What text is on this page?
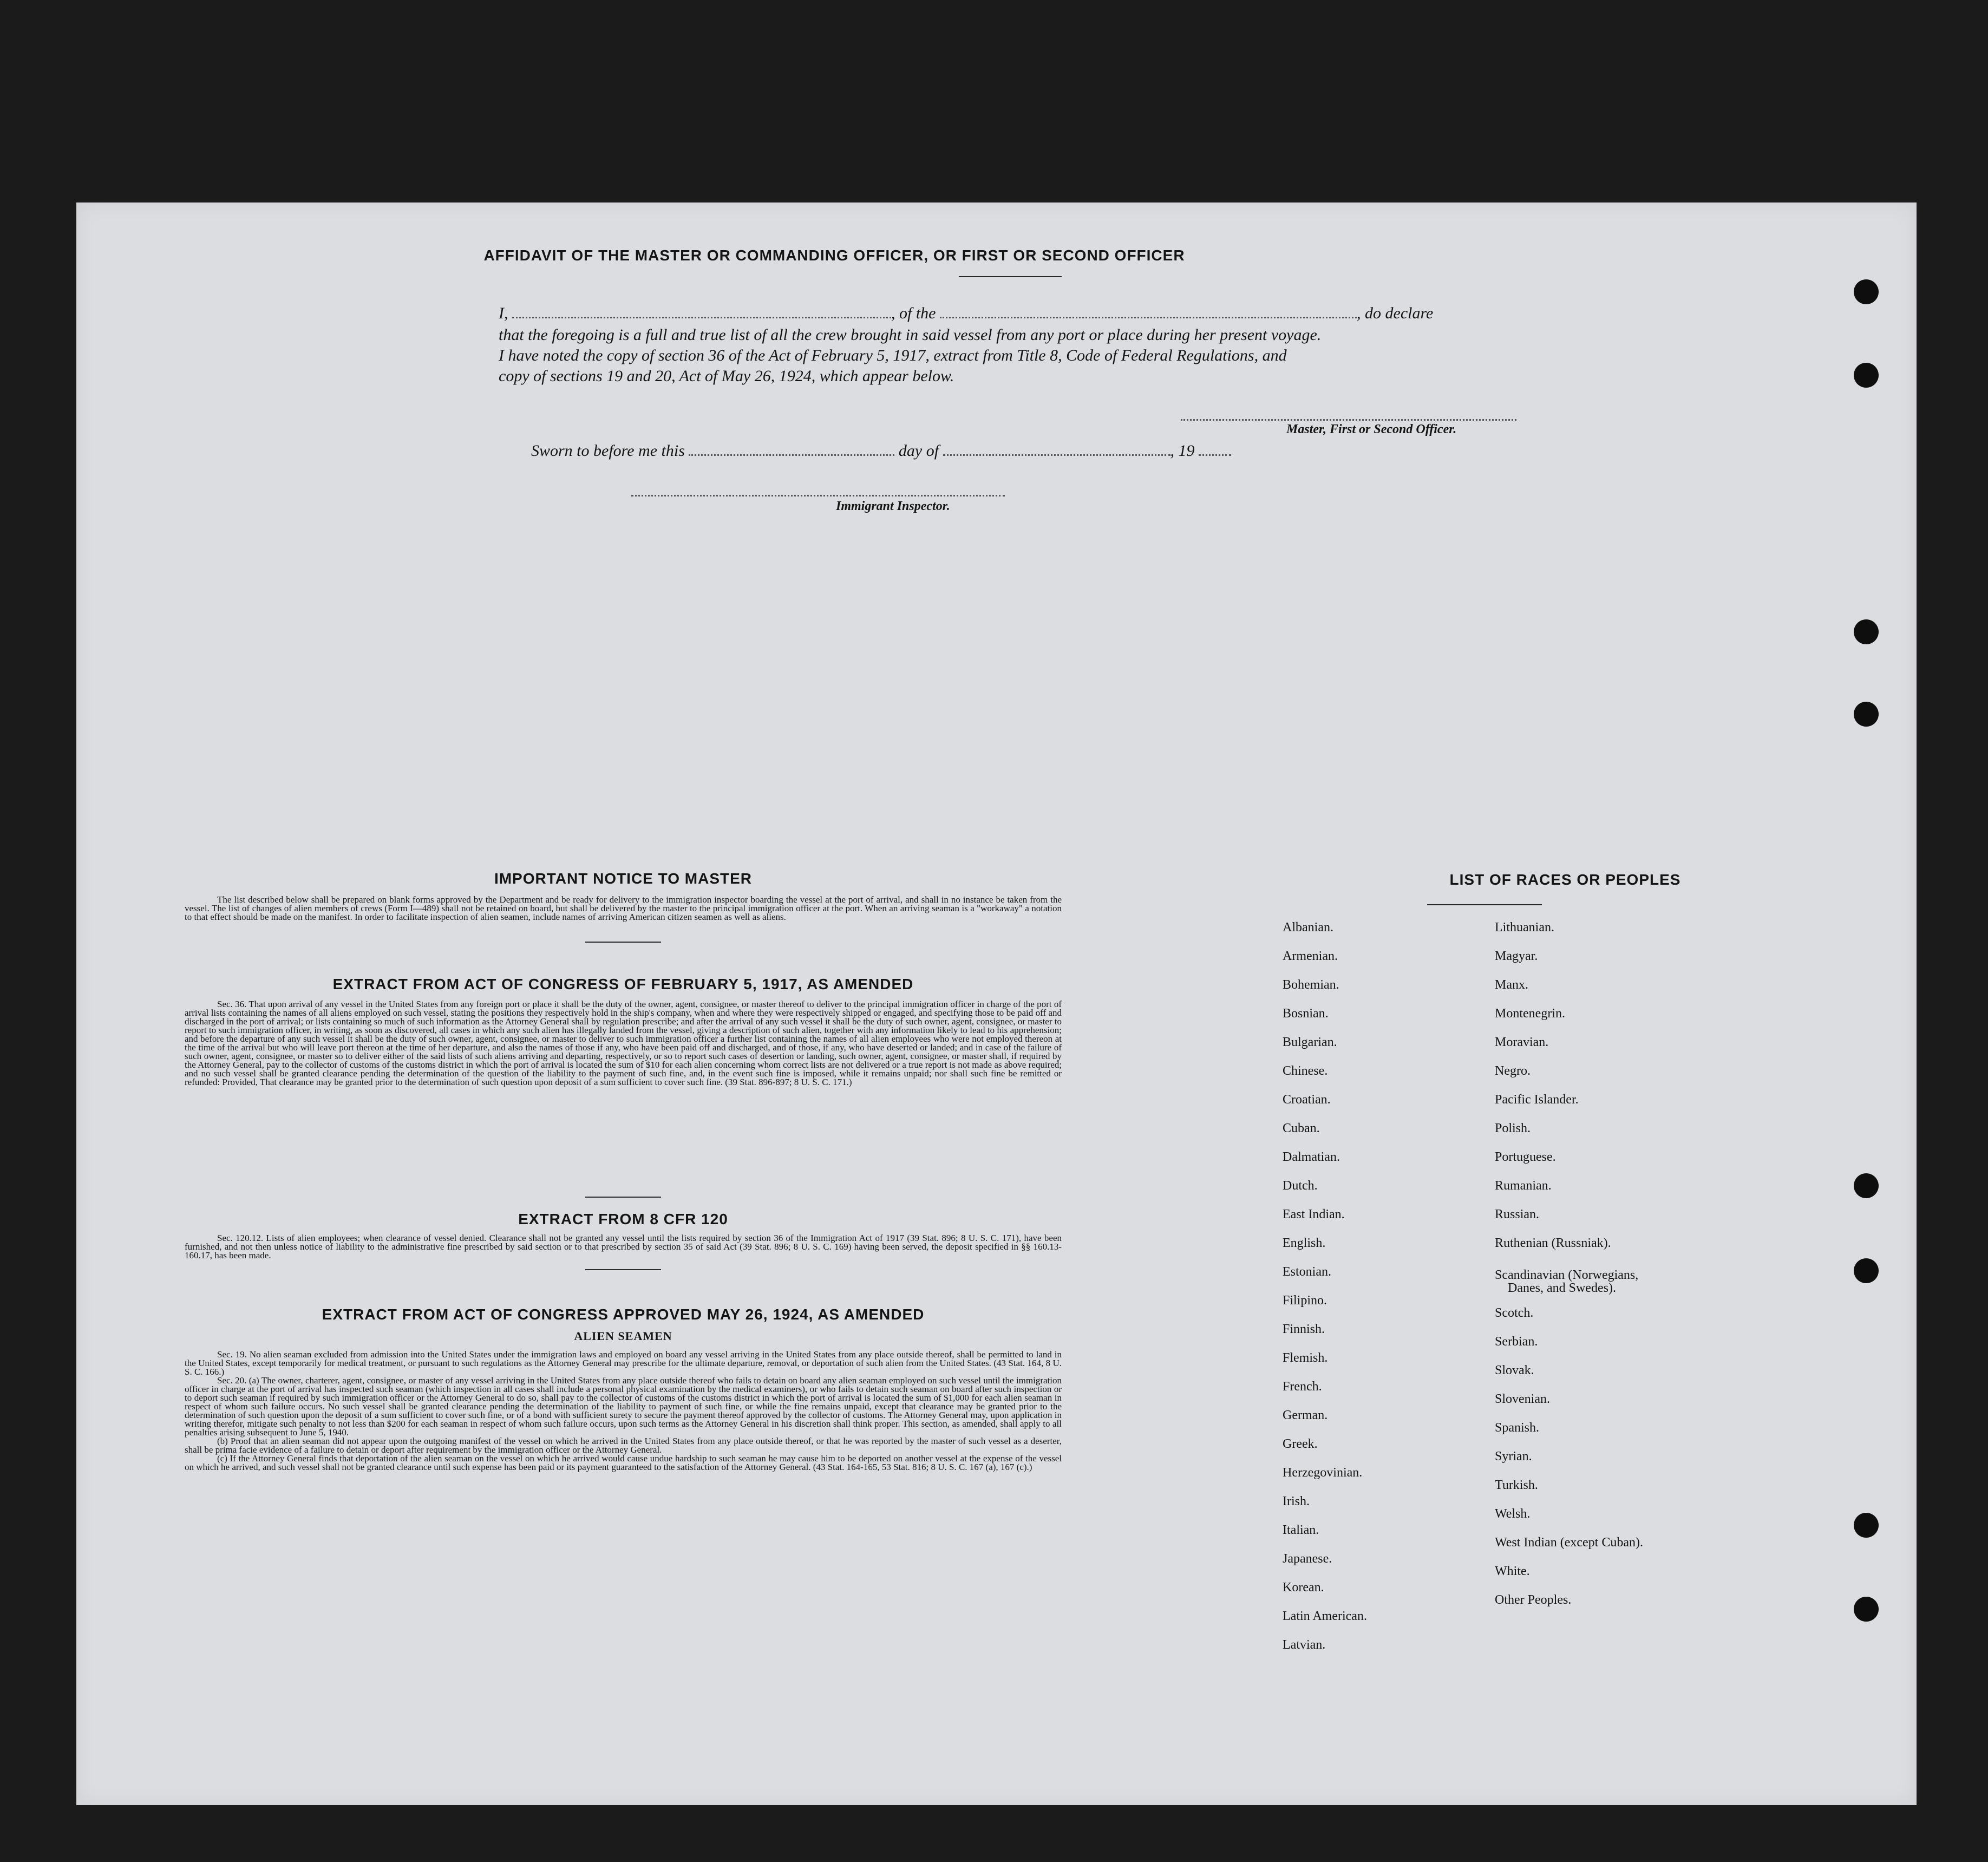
AFFIDAVIT OF THE MASTER OR COMMANDING OFFICER, OR FIRST OR SECOND OFFICER
I,	, of the	, do declare
that the foregoing is a full and true list of all the crew brought in said vessel from any port or place during her present voyage.
I have noted the copy of section 36 of the Act of February 5, 1917, extract from Title 8, Code of Federal Regulations, and
copy of sections 19 and 20, Act of May 26, 1924, which appear below.
Master, First or Second Officer.
Sworn to before me this	day of	, 19
Immigrant Inspector.
IMPORTANT NOTICE TO MASTER

The list described below shall be prepared on blank forms approved by the Department and be ready for delivery to the immigration inspector boarding the vessel at the port of arrival, and shall in no instance be taken from the vessel. The list of changes of alien members of crews (Form I—489) shall not be retained on board, but shall be delivered by the master to the principal immigration officer at the port. When an arriving seaman is a "workaway" a notation to that effect should be made on the manifest. In order to facilitate inspection of alien seamen, include names of arriving American citizen seamen as well as aliens.

EXTRACT FROM ACT OF CONGRESS OF FEBRUARY 5, 1917, AS AMENDED

Sec. 36. That upon arrival of any vessel in the United States from any foreign port or place it shall be the duty of the owner, agent, consignee, or master thereof to deliver to the principal immigration officer in charge of the port of arrival lists containing the names of all aliens employed on such vessel, stating the positions they respectively hold in the ship's company, when and where they were respectively shipped or engaged, and specifying those to be paid off and discharged in the port of arrival; or lists containing so much of such information as the Attorney General shall by regulation prescribe; and after the arrival of any such vessel it shall be the duty of such owner, agent, consignee, or master to report to such immigration officer, in writing, as soon as discovered, all cases in which any such alien has illegally landed from the vessel, giving a description of such alien, together with any information likely to lead to his apprehension; and before the departure of any such vessel it shall be the duty of such owner, agent, consignee, or master to deliver to such immigration officer a further list containing the names of all alien employees who were not employed thereon at the time of the arrival but who will leave port thereon at the time of her departure, and also the names of those if any, who have been paid off and discharged, and of those, if any, who have deserted or landed; and in case of the failure of such owner, agent, consignee, or master so to deliver either of the said lists of such aliens arriving and departing, respectively, or so to report such cases of desertion or landing, such owner, agent, consignee, or master shall, if required by the Attorney General, pay to the collector of customs of the customs district in which the port of arrival is located the sum of $10 for each alien concerning whom correct lists are not delivered or a true report is not made as above required; and no such vessel shall be granted clearance pending the determination of the question of the liability to the payment of such fine, and, in the event such fine is imposed, while it remains unpaid; nor shall such fine be remitted or refunded: Provided, That clearance may be granted prior to the determination of such question upon deposit of a sum sufficient to cover such fine. (39 Stat. 896-897; 8 U. S. C. 171.)

EXTRACT FROM 8 CFR 120

Sec. 120.12. Lists of alien employees; when clearance of vessel denied. Clearance shall not be granted any vessel until the lists required by section 36 of the Immigration Act of 1917 (39 Stat. 896; 8 U. S. C. 171), have been furnished, and not then unless notice of liability to the administrative fine prescribed by said section or to that prescribed by section 35 of said Act (39 Stat. 896; 8 U. S. C. 169) having been served, the deposit specified in §§ 160.13-160.17, has been made.

EXTRACT FROM ACT OF CONGRESS APPROVED MAY 26, 1924, AS AMENDED
ALIEN SEAMEN

Sec. 19. No alien seaman excluded from admission into the United States under the immigration laws and employed on board any vessel arriving in the United States from any place outside thereof, shall be permitted to land in the United States, except temporarily for medical treatment, or pursuant to such regulations as the Attorney General may prescribe for the ultimate departure, removal, or deportation of such alien from the United States. (43 Stat. 164, 8 U. S. C. 166.)

Sec. 20. (a) The owner, charterer, agent, consignee, or master of any vessel arriving in the United States from any place outside thereof who fails to detain on board any alien seaman employed on such vessel until the immigration officer in charge at the port of arrival has inspected such seaman (which inspection in all cases shall include a personal physical examination by the medical examiners), or who fails to detain such seaman on board after such inspection or to deport such seaman if required by such immigration officer or the Attorney General to do so, shall pay to the collector of customs of the customs district in which the port of arrival is located the sum of $1,000 for each alien seaman in respect of whom such failure occurs. No such vessel shall be granted clearance pending the determination of the liability to payment of such fine, or while the fine remains unpaid, except that clearance may be granted prior to the determination of such question upon the deposit of a sum sufficient to cover such fine, or of a bond with sufficient surety to secure the payment thereof approved by the collector of customs. The Attorney General may, upon application in writing therefor, mitigate such penalty to not less than $200 for each seaman in respect of whom such failure occurs, upon such terms as the Attorney General in his discretion shall think proper. This section, as amended, shall apply to all penalties arising subsequent to June 5, 1940.

(b) Proof that an alien seaman did not appear upon the outgoing manifest of the vessel on which he arrived in the United States from any place outside thereof, or that he was reported by the master of such vessel as a deserter, shall be prima facie evidence of a failure to detain or deport after requirement by the immigration officer or the Attorney General.

(c) If the Attorney General finds that deportation of the alien seaman on the vessel on which he arrived would cause undue hardship to such seaman he may cause him to be deported on another vessel at the expense of the vessel on which he arrived, and such vessel shall not be granted clearance until such expense has been paid or its payment guaranteed to the satisfaction of the Attorney General. (43 Stat. 164-165, 53 Stat. 816; 8 U. S. C. 167 (a), 167 (c).)

LIST OF RACES OR PEOPLES
Albanian.
Armenian.
Bohemian.
Bosnian.
Bulgarian.
Chinese.
Croatian.
Cuban.
Dalmatian.
Dutch.
East Indian.
English.
Estonian.
Filipino.
Finnish.
Flemish.
French.
German.
Greek.
Herzegovinian.
Irish.
Italian.
Japanese.
Korean.
Latin American.
Latvian.
Lithuanian.
Magyar.
Manx.
Montenegrin.
Moravian.
Negro.
Pacific Islander.
Polish.
Portuguese.
Rumanian.
Russian.
Ruthenian (Russniak).
Scandinavian (Norwegians,
Danes, and Swedes).
Scotch.
Serbian.
Slovak.
Slovenian.
Spanish.
Syrian.
Turkish.
Welsh.
West Indian (except Cuban).
White.
Other Peoples.
